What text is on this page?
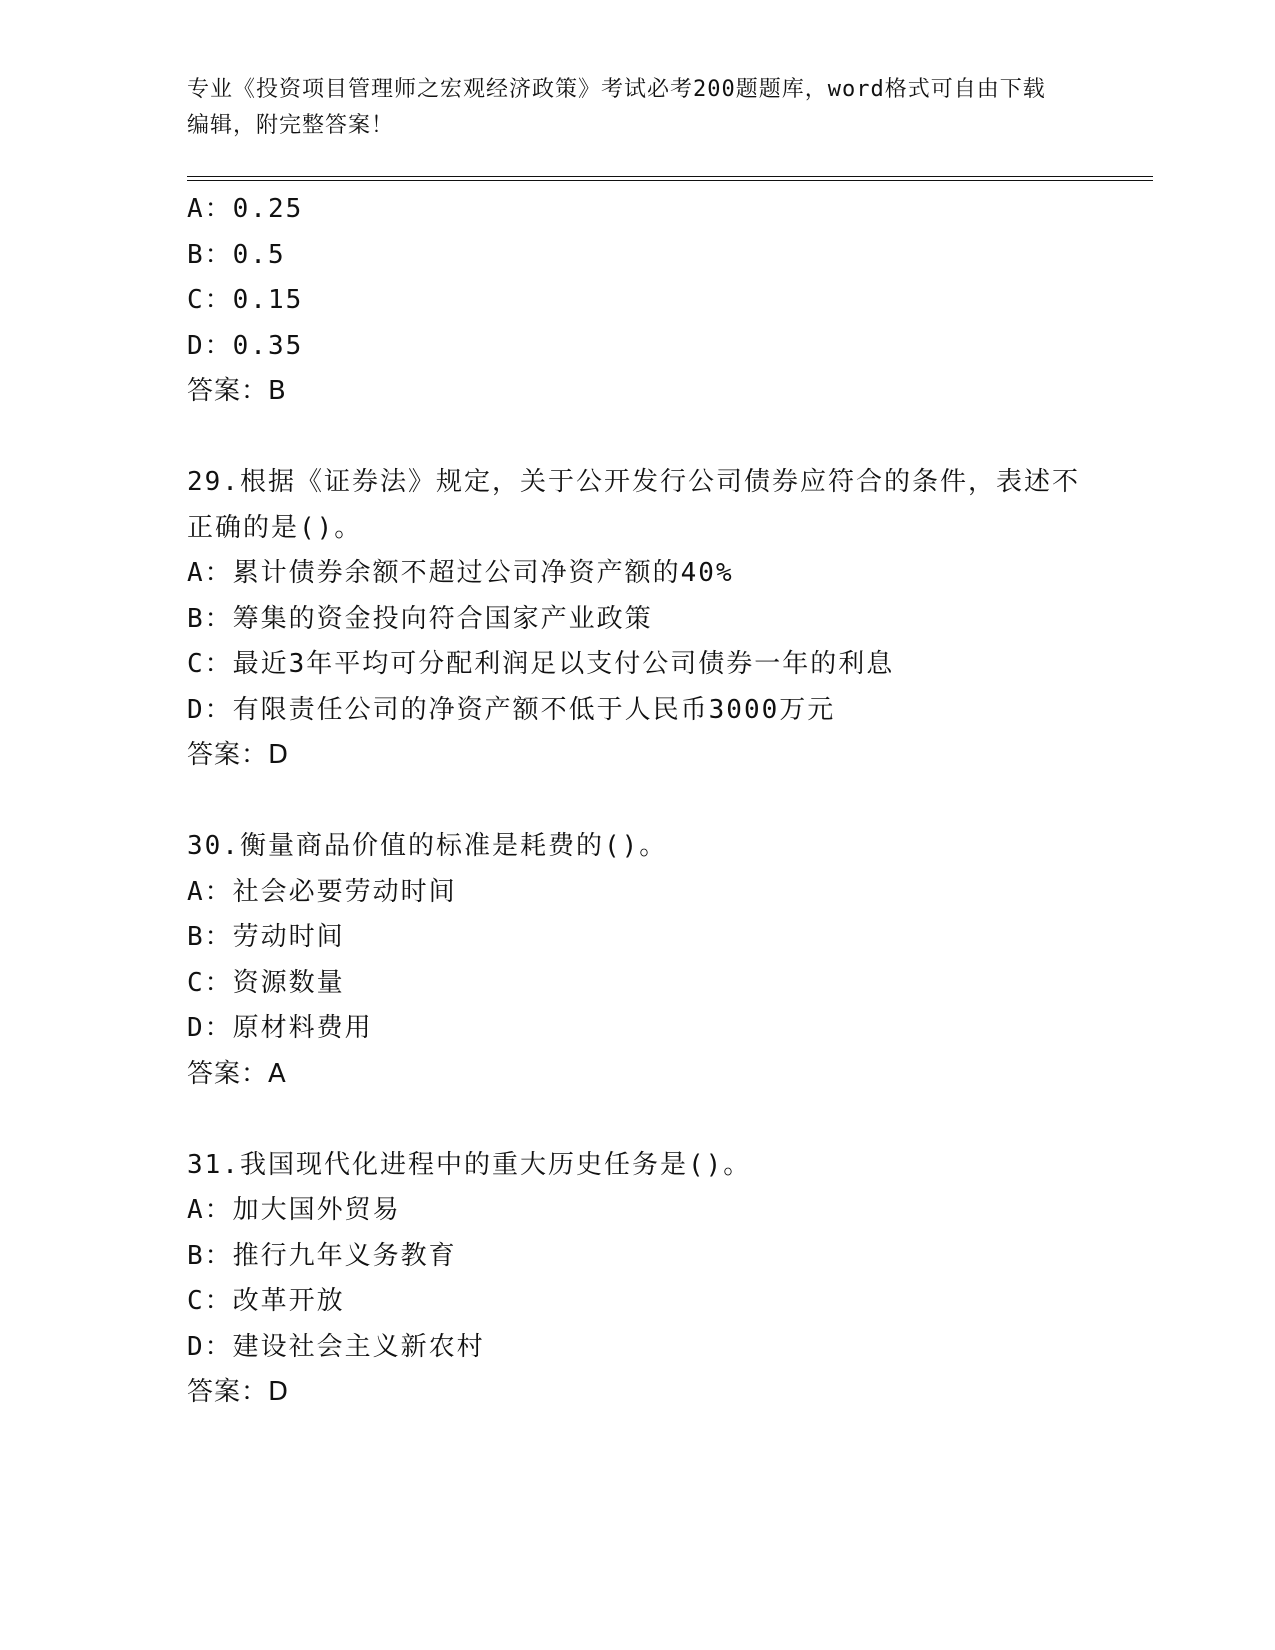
专业《投资项目管理师之宏观经济政策》考试必考200题题库，word格式可自由下载编辑，附完整答案！
A：0.25
B：0.5
C：0.15
D：0.35
答案：B
29.根据《证券法》规定，关于公开发行公司债券应符合的条件，表述不正确的是()。
A：累计债券余额不超过公司净资产额的40%
B：筹集的资金投向符合国家产业政策
C：最近3年平均可分配利润足以支付公司债券一年的利息
D：有限责任公司的净资产额不低于人民币3000万元
答案：D
30.衡量商品价值的标准是耗费的()。
A：社会必要劳动时间
B：劳动时间
C：资源数量
D：原材料费用
答案：A
31.我国现代化进程中的重大历史任务是()。
A：加大国外贸易
B：推行九年义务教育
C：改革开放
D：建设社会主义新农村
答案：D
